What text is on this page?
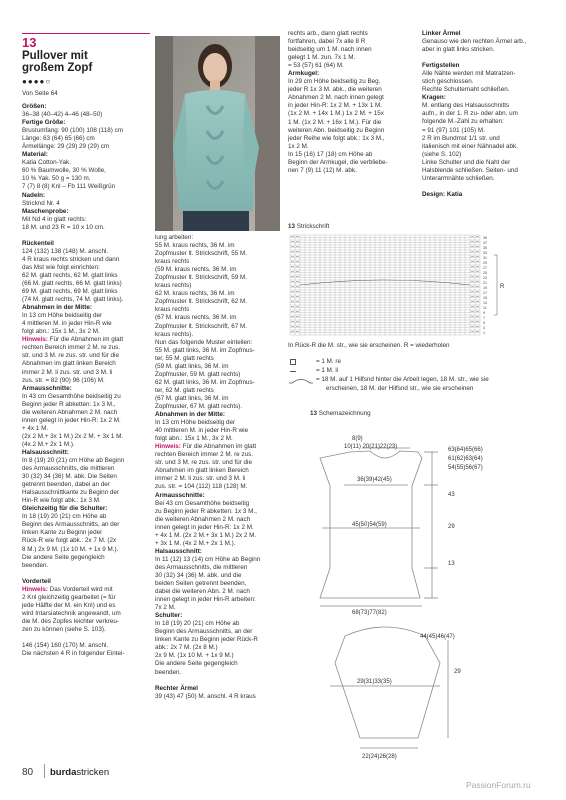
13
Pullover mit
großem Zopf
●●●●○
Von Seite 64

Größen:

36–38 (40–42) 4–46 (48–50)

Fertige Größe:

Brustumfang: 90 (100) 108 (118) cm

Länge: 63 (64) 65 (66) cm

Ärmellänge: 29 (29) 29 (29) cm

Material:

Katia Cotton-Yak.

60 % Baumwolle, 30 % Wolle,

10 % Yak. 50 g = 130 m.

7 (7) 8 (8) Knl – Fb 111 Weißgrün

Nadeln:

Stricknd Nr. 4

Maschenprobe:

Mit Nd 4 in glatt rechts:

18 M. und 23 R = 10 x 10 cm.

Rückenteil

124 (132) 138 (148) M. anschl.

4 R kraus rechts stricken und dann

das Mst wie folgt einrichten:

62 M. glatt rechts, 62 M. glatt links

(66 M. glatt rechts, 66 M. glatt links)

69 M. glatt rechts, 69 M. glatt links

(74 M. glatt rechts, 74 M. glatt links).

Abnahmen in der Mitte:

In 13 cm Höhe beidseitig der

4 mittleren M. in jeder Hin-R wie

folgt abn.: 15x 1 M., 3x 2 M.

Hinweis: Für die Abnahmen im glatt

rechten Bereich immer 2 M. re zus.

str. und 3 M. re zus. str. und für die

Abnahmen im glatt linken Bereich

immer 2 M. li zus. str. und 3 M. li

zus. str. = 82 (90) 96 (106) M.

Armausschnitte:

In 43 cm Gesamthöhe beidseitig zu

Beginn jeder R abketten: 1x 3 M.,

die weiteren Abnahmen 2 M. nach

innen gelegt in jeder Hin-R: 1x 2 M.

+ 4x 1 M.

(2x 2 M.+ 3x 1 M.) 2x 2 M. + 3x 1 M.

(4x 2 M.+ 2x 1 M.).

Halsausschnitt:

In 8 (19) 20 (21) cm Höhe ab Beginn

des Armausschnitts, die mittleren

30 (32) 34 (36) M. abk. Die Seiten

getrennt beenden, dabei an der

Halsausschnittkante zu Beginn der

Hin-R wie folgt abk.: 1x 3 M.

Gleichzeitig für die Schulter:

In 18 (19) 20 (21) cm Höhe ab

Beginn des Armausschnitts, an der

linken Kante zu Beginn jeder

Rück-R wie folgt abk.: 2x 7 M. (2x

8 M.) 2x 9 M. (1x 10 M. + 1x 9 M.).

Die andere Seite gegengleich

beenden.

Vorderteil

Hinweis: Das Vorderteil wird mit

2 Knl gleichzeitig gearbeitet (= für

jede Hälfte der M. ein Knl) und es

wird Intarsiatechnik angewandt, um

die M. des Zopfes leichter verkreu-

zen zu können (siehe S. 103).

146 (154) 160 (170) M. anschl.

Die nächsten 4 R in folgender Eintei-

lung arbeiten:

55 M. kraus rechts, 36 M. im

Zopfmuster lt. Strickschrift, 55 M.

kraus rechts

(59 M. kraus rechts, 36 M. im

Zopfmuster lt. Strickschrift, 59 M.

kraus rechts)

62 M. kraus rechts, 36 M. im

Zopfmuster lt. Strickschrift, 62 M.

kraus rechts

(67 M. kraus rechts, 36 M. im

Zopfmuster lt. Strickschrift, 67 M.

kraus rechts).

Nun das folgende Muster einteilen:

55 M. glatt links, 36 M. im Zopfmus-

ter, 55 M. glatt rechts

(59 M. glatt links, 36 M. im

Zopfmuster, 59 M. glatt rechts)

62 M. glatt links, 36 M. im Zopfmus-

ter, 62 M. glatt rechts

(67 M. glatt links, 36 M. im

Zopfmuster, 67 M. glatt rechts).

Abnahmen in der Mitte:

In 13 cm Höhe beidseitig der

40 mittleren M. in jeder Hin-R wie

folgt abn.: 15x 1 M., 3x 2 M.

Hinweis: Für die Abnahmen im glatt

rechten Bereich immer 2 M. re zus.

str. und 3 M. re zus. str. und für die

Abnahmen im glatt linken Bereich

immer 2 M. li zus. str. und 3 M. li

zus. str. = 104 (112) 118 (128) M.

Armausschnitte:

Bei 43 cm Gesamthöhe beidseitig

zu Beginn jeder R abketten: 1x 3 M.,

die weiteren Abnahmen 2 M. nach

innen gelegt in jeder Hin-R: 1x 2 M.

+ 4x 1 M. (2x 2 M.+ 3x 1 M.) 2x 2 M.

+ 3x 1 M. (4x 2 M.+ 2x 1 M.).

Halsausschnitt:

In 11 (12) 13 (14) cm Höhe ab Beginn

des Armausschnitts, die mittleren

30 (32) 34 (36) M. abk. und die

beiden Seiten getrennt beenden,

dabei die weiteren Abn. 2 M. nach

innen gelegt in jeder Hin-R arbeiten:

7x 2 M.

Schulter:

In 18 (19) 20 (21) cm Höhe ab

Beginn des Armausschnitts, an der

linken Kante zu Beginn jeder Rück-R

abk.: 2x 7 M. (2x 8 M.)

2x 9 M. (1x 10 M. + 1x 9 M.)

Die andere Seite gegengleich

beenden.

Rechter Ärmel

39 (43) 47 (50) M. anschl. 4 R kraus

rechts arb., dann glatt rechts

fortfahren, dabei 7x alle 8 R

beidseitig um 1 M. nach innen

gelegt 1 M. zun. 7x 1 M.

= 53 (57) 61 (64) M.

Armkugel:

In 29 cm Höhe beidseitig zu Beg.

jeder R 1x 3 M. abk., die weiteren

Abnahmen 2 M. nach innen gelegt

in jeder Hin-R: 1x 2 M. + 13x 1 M.

(1x 2 M. + 14x 1 M.) 1x 2 M. + 15x

1 M. (1x 2 M. + 16x 1 M.). Für die

weiteren Abn. beidseitig zu Beginn

jeder Reihe wie folgt abk.: 1x 3 M.,

1x 2 M.

In 15 (16) 17 (18) cm Höhe ab

Beginn der Armkugel, die verbliebe-

nen 7 (9) 11 (12) M. abk.

Linker Ärmel

Genauso wie den rechten Ärmel arb.,

aber in glatt links stricken.

Fertigstellen

Alle Nähte werden mit Matratzen-

stich geschlossen.

Rechte Schulternaht schließen.

Kragen:

M. entlang des Halsausschnitts

aufn., in der 1. R zu- oder abn. um

folgende M.-Zahl zu erhalten:

= 91 (97) 101 (105) M.

2 R im Bundmst 1/1 str. und

italienisch mit einer Nähnadel abk.

(siehe S. 102)

Linke Schulter und die Naht der

Halsblende schließen. Seiten- und

Unterarmnähte schließen.

Design: Katia

13 Strickschrift
39
37
35
33
31
29
27
25
23
21
19
17
15
13
11
9
7
5
3
1
R
In Rück-R die M. str., wie sie erscheinen. R = wiederholen
= 1 M. re
= 1 M. li
= 18 M. auf 1 Hilfsnd hinter die Arbeit legen, 18 M. str., wie sie
erscheinen, 18 M. der Hilfsnd str., wie sie erscheinen
13 Schemazeichnung
8(9)
10(11) 20(21)22(23)	63(64)65(66)
61(62)63(64)
54(55)56(67)
36(39)42(45)
43
45(50)54(59)	29
13
68(73)77(82)
44(45)46(47)
29
29(31)33(35)
22(24)26(28)
80 burdastricken
PassionForum.ru
